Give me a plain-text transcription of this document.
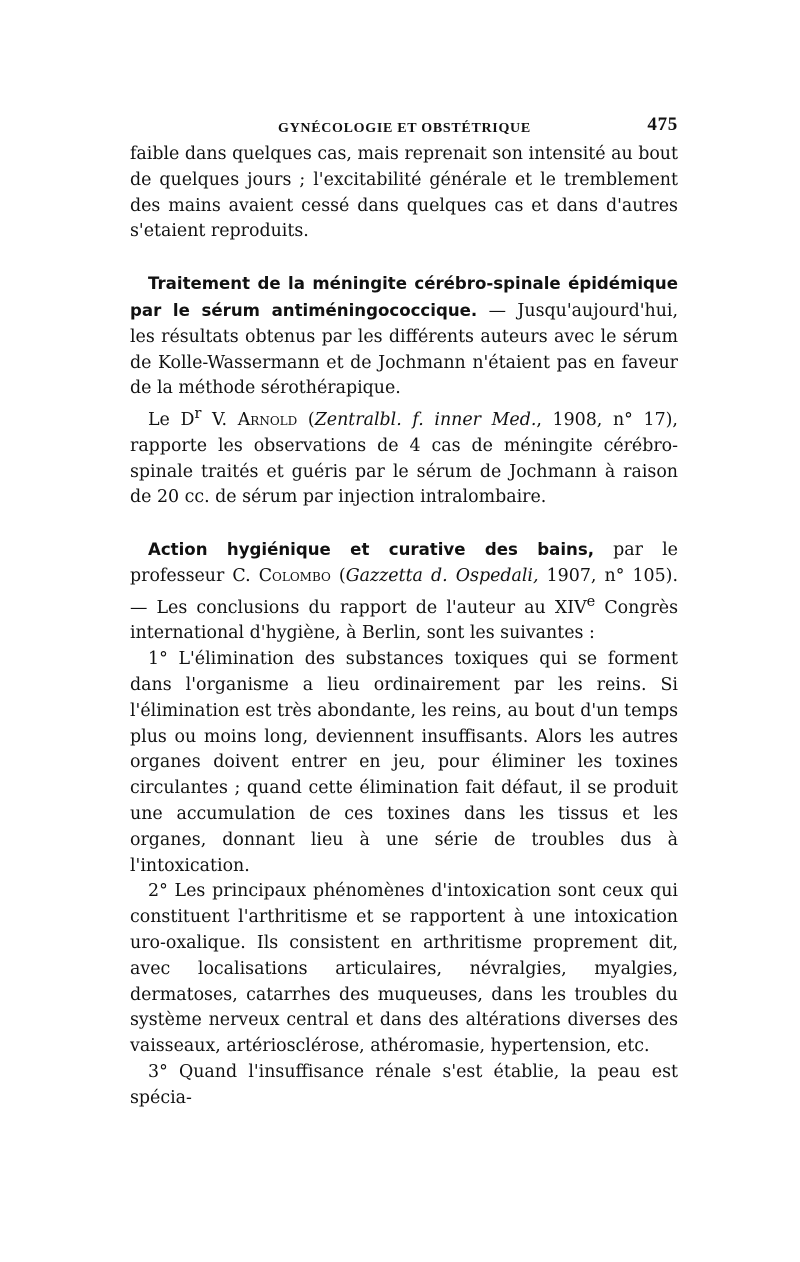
GYNÉCOLOGIE ET OBSTÉTRIQUE	475

faible dans quelques cas, mais reprenait son intensité au bout de quelques jours ; l'excitabilité générale et le tremblement des mains avaient cessé dans quelques cas et dans d'autres s'etaient reproduits.

Traitement de la méningite cérébro-spinale épidémique par le sérum antiméningococcique. — Jusqu'aujourd'hui, les résultats obtenus par les différents auteurs avec le sérum de Kolle-Wassermann et de Jochmann n'étaient pas en faveur de la méthode sérothérapique.

Le $D^r$ V. Arnold (Zentralbl. f. inner Med., 1908, n° 17), rapporte les observations de 4 cas de méningite cérébro-spinale traités et guéris par le sérum de Jochmann à raison de 20 cc. de sérum par injection intralombaire.

Action hygiénique et curative des bains, par le professeur C. Colombo (Gazzetta d. Ospedali, 1907, n° 105). — Les conclusions du rapport de l'auteur au XIVe Congrès international d'hygiène, à Berlin, sont les suivantes :

1° L'élimination des substances toxiques qui se forment dans l'organisme a lieu ordinairement par les reins. Si l'élimination est très abondante, les reins, au bout d'un temps plus ou moins long, deviennent insuffisants. Alors les autres organes doivent entrer en jeu, pour éliminer les toxines circulantes ; quand cette élimination fait défaut, il se produit une accumulation de ces toxines dans les tissus et les organes, donnant lieu à une série de troubles dus à l'intoxication.

2° Les principaux phénomènes d'intoxication sont ceux qui constituent l'arthritisme et se rapportent à une intoxication uro-oxalique. Ils consistent en arthritisme proprement dit, avec localisations articulaires, névralgies, myalgies, dermatoses, catarrhes des muqueuses, dans les troubles du système nerveux central et dans des altérations diverses des vaisseaux, artériosclérose, athéromasie, hypertension, etc.

3° Quand l'insuffisance rénale s'est établie, la peau est spécia-
